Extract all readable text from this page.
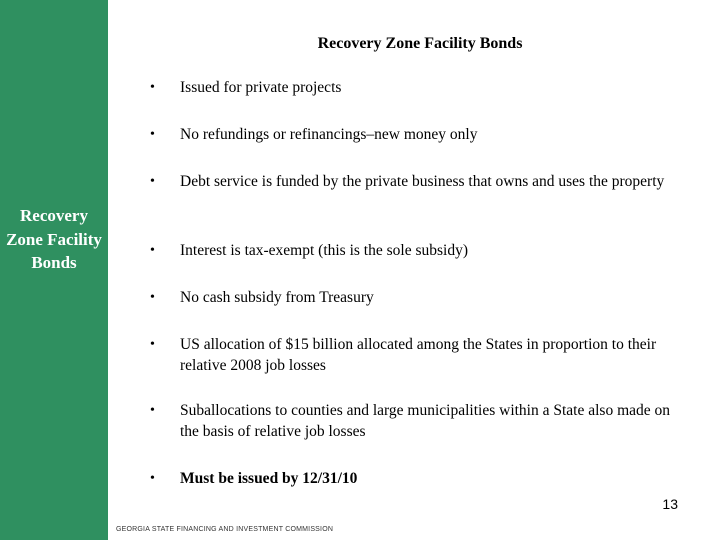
Recovery Zone Facility Bonds
Recovery Zone Facility Bonds
•	Issued for private projects
•	No refundings or refinancings–new money only
•	Debt service is funded by the private business that owns and uses the property
•	Interest is tax-exempt (this is the sole subsidy)
•	No cash subsidy from Treasury
•	US allocation of $15 billion allocated among the States in proportion to their relative 2008 job losses
•	Suballocations to counties and large municipalities within a State also made on the basis of relative job losses
•	Must be issued by 12/31/10
13
GEORGIA STATE FINANCING AND INVESTMENT COMMISSION
